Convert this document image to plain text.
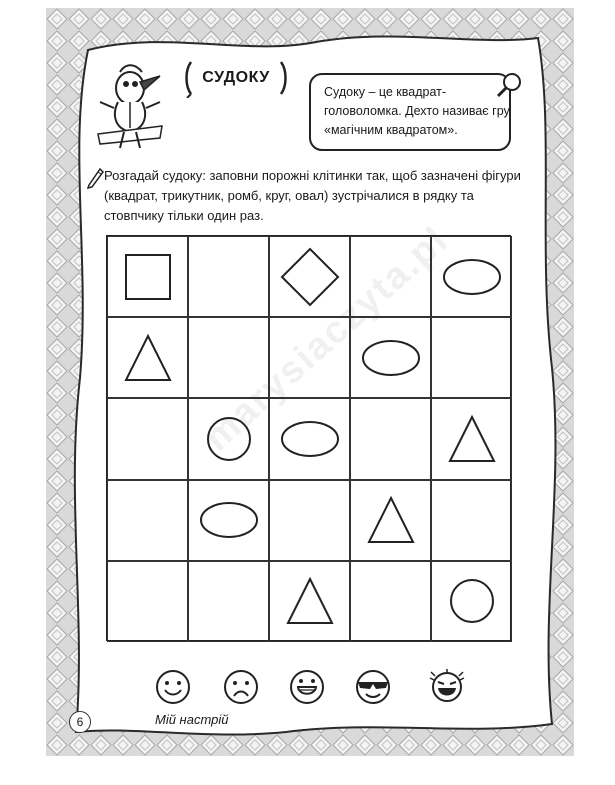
marysiaczyta.pl
СУДОКУ
Судоку – це квадрат-головоломка. Дехто називає гру «магічним квадратом».
Розгадай судоку: заповни порожні клітинки так, щоб зазначені фігури (квадрат, трикутник, ромб, круг, овал) зустрічалися в рядку та стовпчику тільки один раз.
Мій настрій
6
